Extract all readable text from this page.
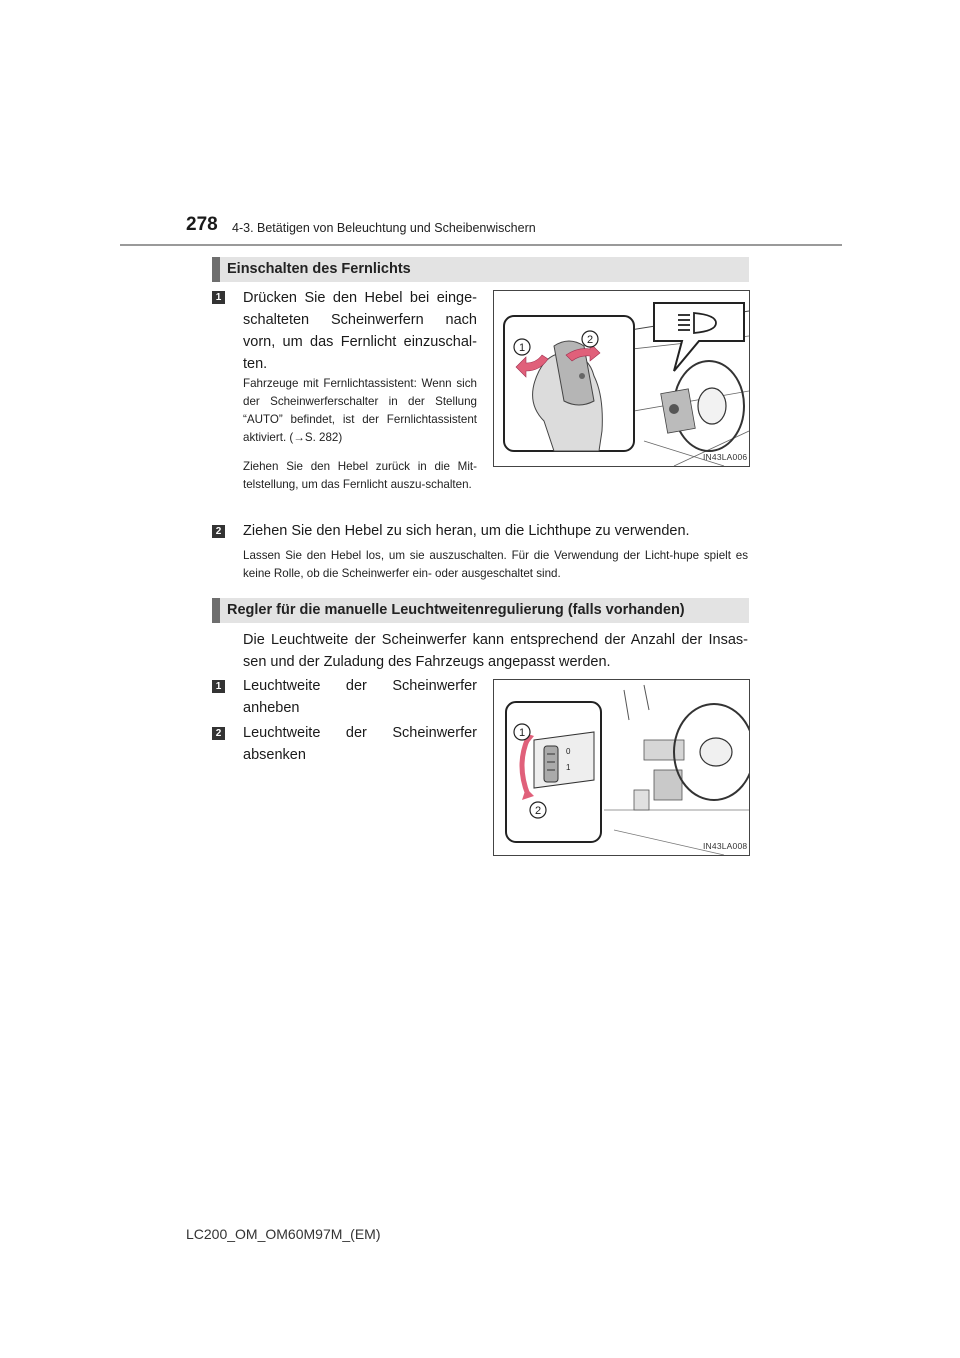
278 4-3. Betätigen von Beleuchtung und Scheibenwischern
Einschalten des Fernlichts
1 Drücken Sie den Hebel bei einge-schalteten Scheinwerfern nach vorn, um das Fernlicht einzuschal-ten.
Fahrzeuge mit Fernlichtassistent: Wenn sich der Scheinwerferschalter in der Stellung “AUTO” befindet, ist der Fernlichtassistent aktiviert. (→S. 282)
Ziehen Sie den Hebel zurück in die Mit-telstellung, um das Fernlicht auszu-schalten.
1
2
IN43LA006
2 Ziehen Sie den Hebel zu sich heran, um die Lichthupe zu verwenden.
Lassen Sie den Hebel los, um sie auszuschalten. Für die Verwendung der Licht-hupe spielt es keine Rolle, ob die Scheinwerfer ein- oder ausgeschaltet sind.
Regler für die manuelle Leuchtweitenregulierung (falls vorhanden)
Die Leuchtweite der Scheinwerfer kann entsprechend der Anzahl der Insas-sen und der Zuladung des Fahrzeugs angepasst werden.
1 Leuchtweite der Scheinwerfer anheben
2 Leuchtweite der Scheinwerfer absenken	0
1
1
2
IN43LA008
LC200_OM_OM60M97M_(EM)
